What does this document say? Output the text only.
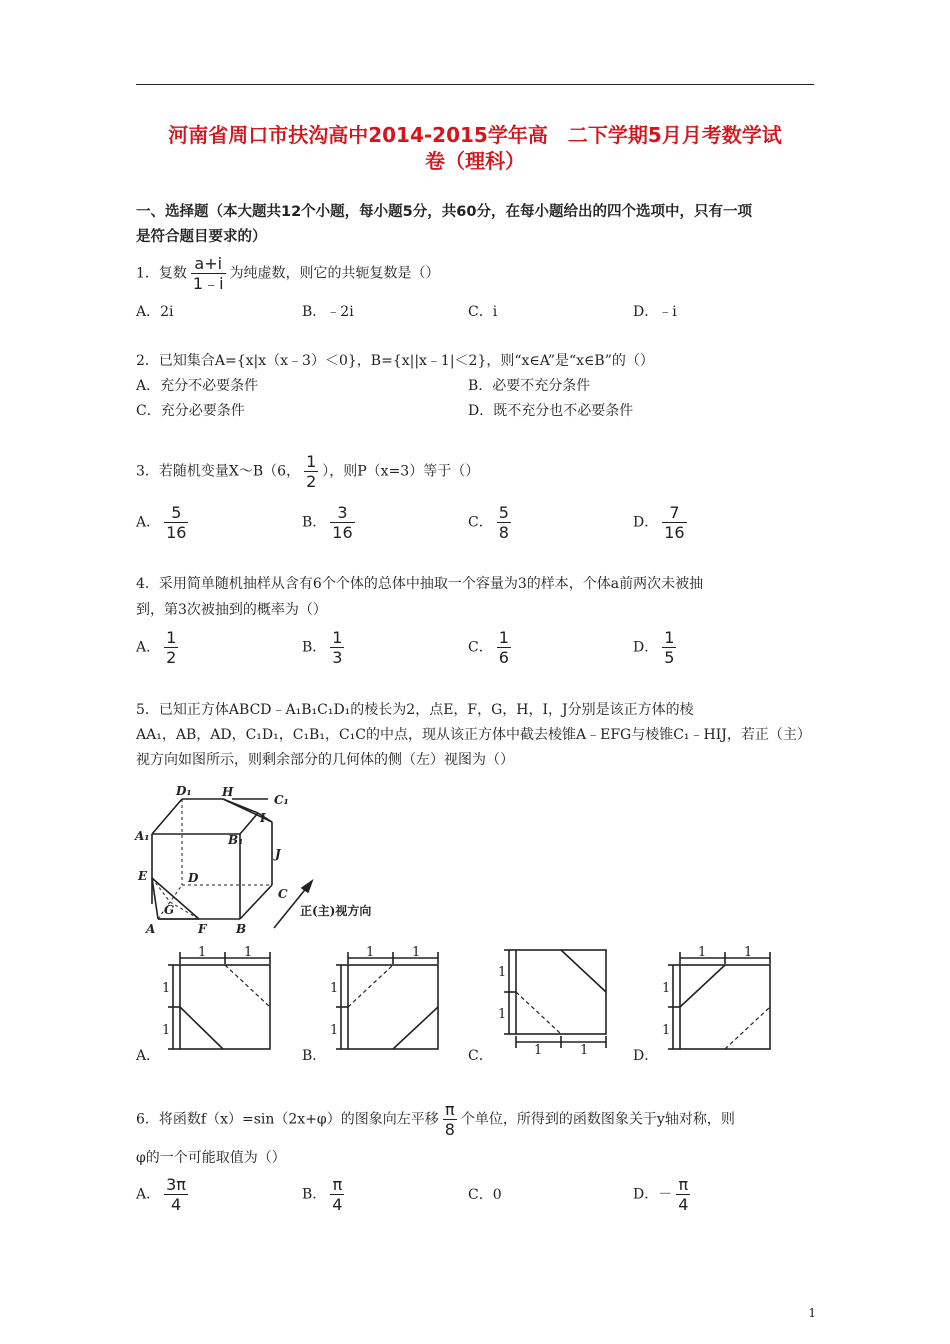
河南省周口市扶沟高中2014-2015学年高　二下学期5月月考数学试
卷（理科）
一、选择题（本大题共12个小题，每小题5分，共60分，在每小题给出的四个选项中，只有一项
是符合题目要求的）
1．复数 $\frac{a+i}{1﹣i}$ 为纯虚数，则它的共轭复数是（）
A．2i	B．﹣2i	C．i	D．﹣i
2．已知集合A={x|x（x﹣3）＜0}，B={x||x﹣1|＜2}，则“x∈A”是“x∈B”的（）
A．充分不必要条件	B．必要不充分条件
C．充分必要条件	D．既不充分也不必要条件
3．若随机变量X～B（6， $\frac{1}{2}$ ），则P（x=3）等于（）
A． $\frac{5}{16}$	B． $\frac{3}{16}$	C． $\frac{5}{8}$	D． $\frac{7}{16}$
4．采用简单随机抽样从含有6个个体的总体中抽取一个容量为3的样本，个体a前两次未被抽
到，第3次被抽到的概率为（）
A． $\frac{1}{2}$	B． $\frac{1}{3}$	C． $\frac{1}{6}$	D． $\frac{1}{5}$
5．已知正方体ABCD﹣A₁B₁C₁D₁的棱长为2，点E，F，G，H，I，J分别是该正方体的棱
AA₁，AB，AD，C₁D₁，C₁B₁，C₁C的中点，现从该正方体中截去棱锥A﹣EFG与棱锥C₁﹣HIJ，若正（主）
视方向如图所示，则剩余部分的几何体的侧（左）视图为（）
D₁	H
C₁
I
A₁	B₁
J
E	D
C
G
A	F B
正(主)视方向
1	1
1
1
A．
1	1
1
1
B．	1	1
1
1
C．
1	1
1
1
D．
6．将函数f（x）=sin（2x+φ）的图象向左平移 $\frac{\pi}{8}$ 个单位，所得到的函数图象关于y轴对称，则
φ的一个可能取值为（）
A． $\frac{3\pi}{4}$	B． $\frac{\pi}{4}$	C．0	D．－ $\frac{\pi}{4}$
1
